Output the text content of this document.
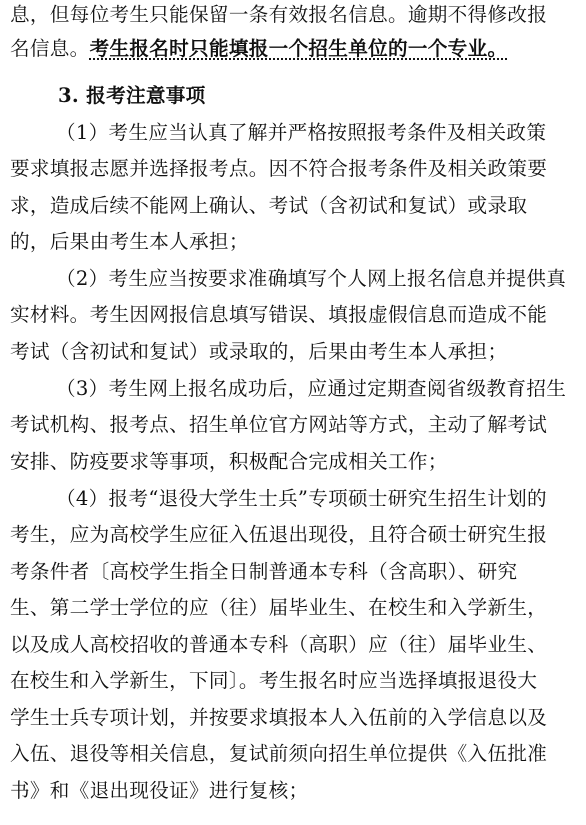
息，但每位考生只能保留一条有效报名信息。逾期不得修改报
名信息。考生报名时只能填报一个招生单位的一个专业。
3. 报考注意事项
（1）考生应当认真了解并严格按照报考条件及相关政策
要求填报志愿并选择报考点。因不符合报考条件及相关政策要
求，造成后续不能网上确认、考试（含初试和复试）或录取
的，后果由考生本人承担；
（2）考生应当按要求准确填写个人网上报名信息并提供真
实材料。考生因网报信息填写错误、填报虚假信息而造成不能
考试（含初试和复试）或录取的，后果由考生本人承担；
（3）考生网上报名成功后，应通过定期查阅省级教育招生
考试机构、报考点、招生单位官方网站等方式，主动了解考试
安排、防疫要求等事项，积极配合完成相关工作；
（4）报考“退役大学生士兵”专项硕士研究生招生计划的
考生，应为高校学生应征入伍退出现役，且符合硕士研究生报
考条件者〔高校学生指全日制普通本专科（含高职）、研究
生、第二学士学位的应（往）届毕业生、在校生和入学新生，
以及成人高校招收的普通本专科（高职）应（往）届毕业生、
在校生和入学新生，下同〕。考生报名时应当选择填报退役大
学生士兵专项计划，并按要求填报本人入伍前的入学信息以及
入伍、退役等相关信息，复试前须向招生单位提供《入伍批准
书》和《退出现役证》进行复核；
